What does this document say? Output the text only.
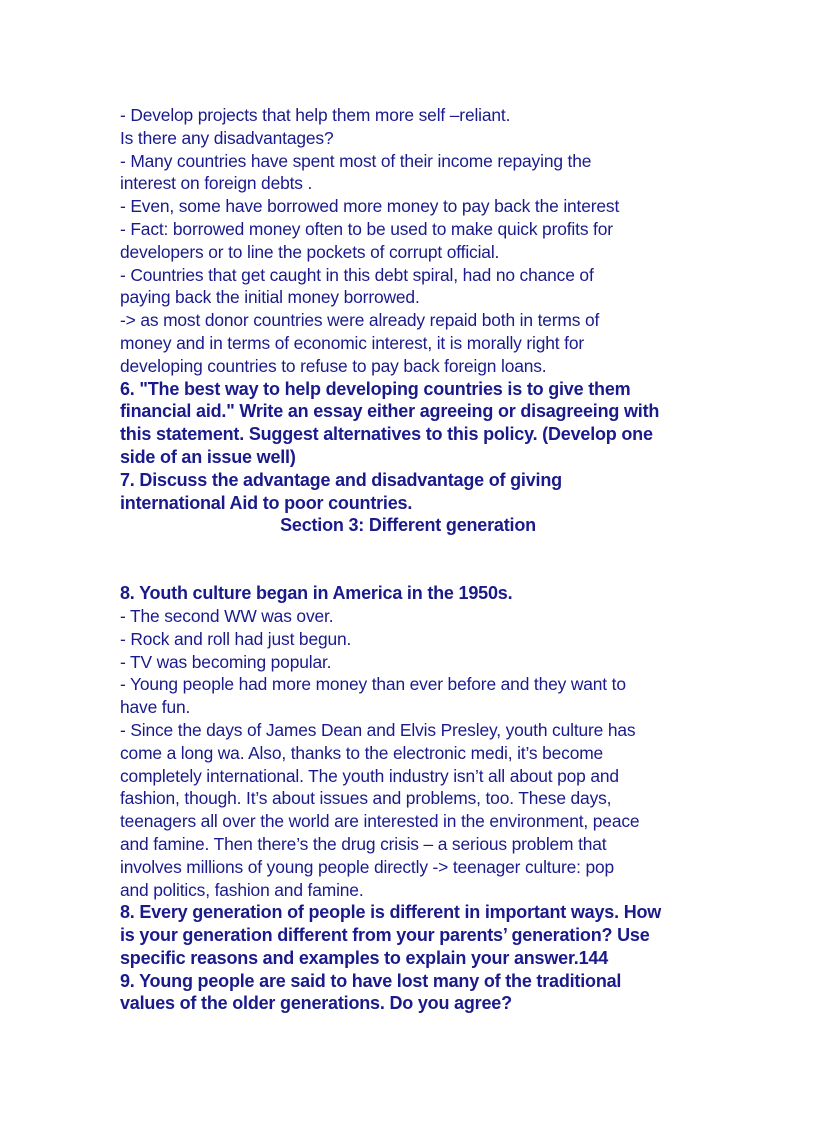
- Develop projects that help them more self –reliant.

Is there any disadvantages?

- Many countries have spent most of their income repaying the

interest on foreign debts .

- Even, some have borrowed more money to pay back the interest

- Fact: borrowed money often to be used to make quick profits for

developers or to line the pockets of corrupt official.

- Countries that get caught in this debt spiral, had no chance of

paying back the initial money borrowed.

-> as most donor countries were already repaid both in terms of

money and in terms of economic interest, it is morally right for

developing countries to refuse to pay back foreign loans.

6. "The best way to help developing countries is to give them

financial aid." Write an essay either agreeing or disagreeing with

this statement. Suggest alternatives to this policy. (Develop one

side of an issue well)

7. Discuss the advantage and disadvantage of giving

international Aid to poor countries.

Section 3: Different generation

8. Youth culture began in America in the 1950s.

- The second WW was over.

- Rock and roll had just begun.

- TV was becoming popular.

- Young people had more money than ever before and they want to

have fun.

- Since the days of James Dean and Elvis Presley, youth culture has

come a long wa. Also, thanks to the electronic medi, it’s become

completely international. The youth industry isn’t all about pop and

fashion, though. It’s about issues and problems, too. These days,

teenagers all over the world are interested in the environment, peace

and famine. Then there’s the drug crisis – a serious problem that

involves millions of young people directly -> teenager culture: pop

and politics, fashion and famine.

8. Every generation of people is different in important ways. How

is your generation different from your parents’ generation? Use

specific reasons and examples to explain your answer.144

9. Young people are said to have lost many of the traditional

values of the older generations. Do you agree?
